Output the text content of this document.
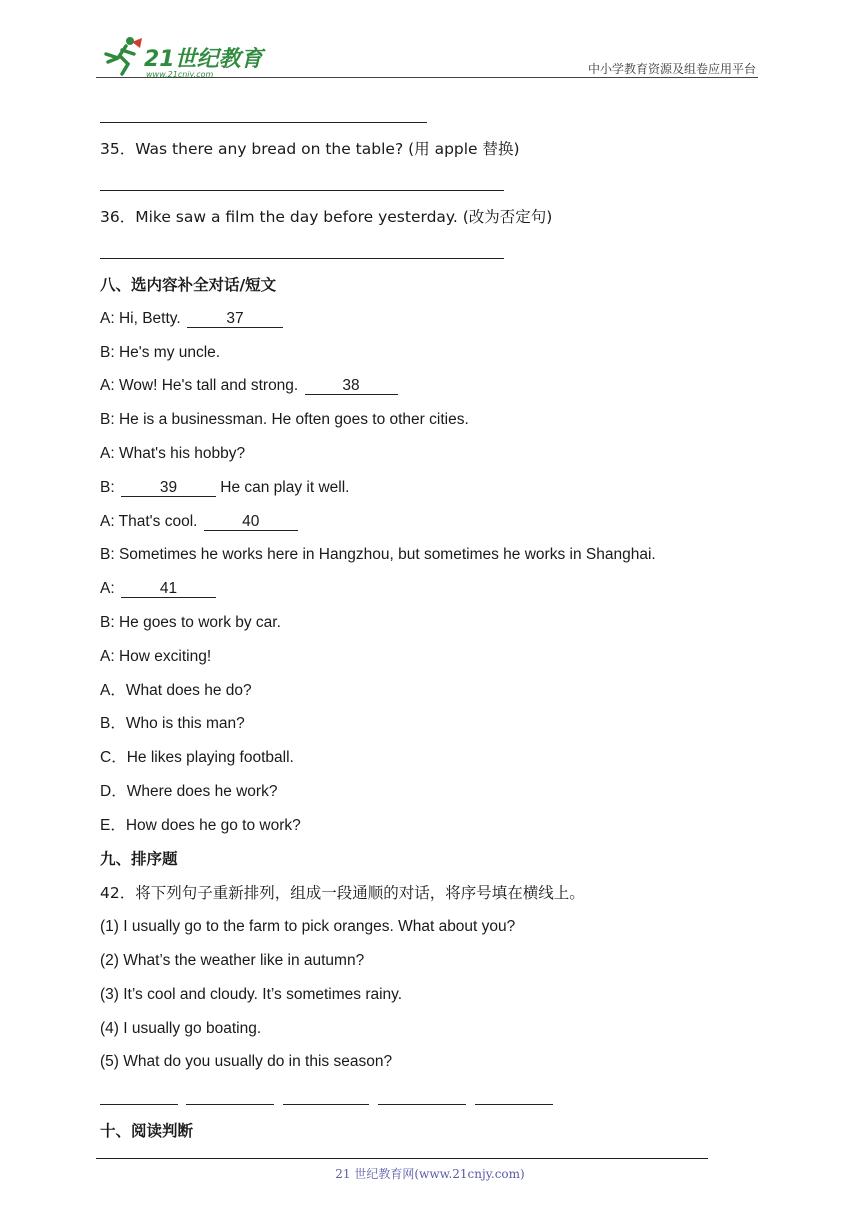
21世纪教育
www.21cnjy.com	中小学教育资源及组卷应用平台
35．Was there any bread on the table? (用 apple 替换)
36．Mike saw a film the day before yesterday. (改为否定句)
八、选内容补全对话/短文
A: Hi, Betty.	37
B: He's my uncle.
A: Wow! He's tall and strong.	38
B: He is a businessman. He often goes to other cities.
A: What's his hobby?
B:	39	He can play it well.
A: That's cool.	40
B: Sometimes he works here in Hangzhou, but sometimes he works in Shanghai.
A:	41
B: He goes to work by car.
A: How exciting!
A．What does he do?
B．Who is this man?
C．He likes playing football.
D．Where does he work?
E．How does he go to work?
九、排序题
42．将下列句子重新排列，组成一段通顺的对话，将序号填在横线上。
(1) I usually go to the farm to pick oranges. What about you?
(2) What’s the weather like in autumn?
(3) It’s cool and cloudy. It’s sometimes rainy.
(4) I usually go boating.
(5) What do you usually do in this season?
十、阅读判断
21 世纪教育网(www.21cnjy.com)
